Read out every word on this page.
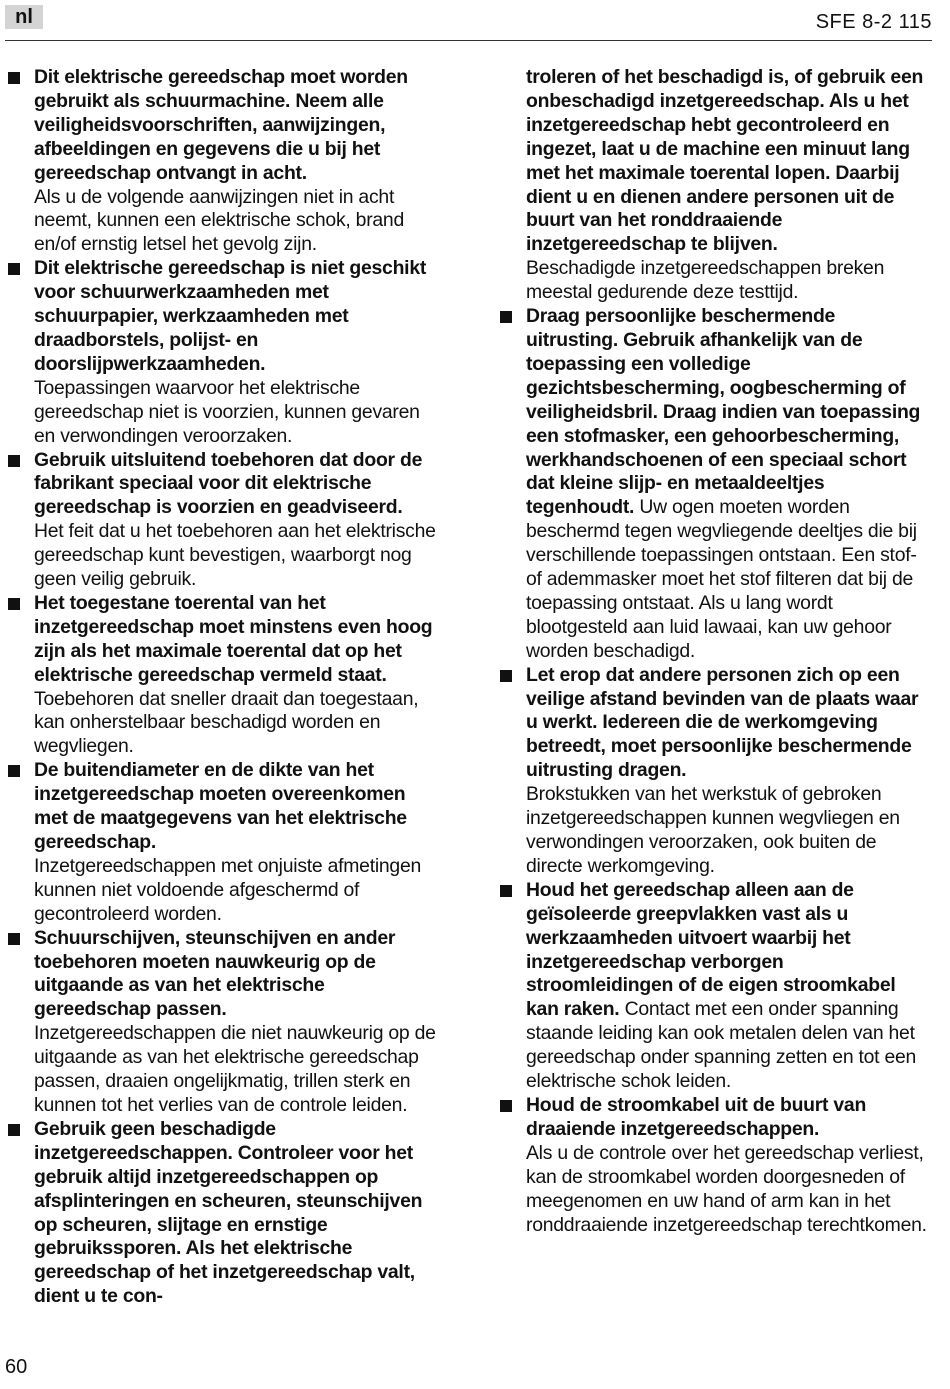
nl	SFE 8-2 115

Dit elektrische gereedschap moet worden gebruikt als schuurmachine. Neem alle veiligheidsvoorschriften, aanwijzingen, afbeeldingen en gegevens die u bij het gereedschap ontvangt in acht.
Als u de volgende aanwijzingen niet in acht neemt, kunnen een elektrische schok, brand en/of ernstig letsel het gevolg zijn.

Dit elektrische gereedschap is niet geschikt voor schuurwerkzaamheden met schuurpapier, werkzaamheden met draadborstels, polijst- en doorslijpwerkzaamheden.
Toepassingen waarvoor het elektrische gereedschap niet is voorzien, kunnen gevaren en verwondingen veroorzaken.

Gebruik uitsluitend toebehoren dat door de fabrikant speciaal voor dit elektrische gereedschap is voorzien en geadviseerd.
Het feit dat u het toebehoren aan het elektrische gereedschap kunt bevestigen, waarborgt nog geen veilig gebruik.

Het toegestane toerental van het inzetgereedschap moet minstens even hoog zijn als het maximale toerental dat op het elektrische gereedschap vermeld staat.
Toebehoren dat sneller draait dan toegestaan, kan onherstelbaar beschadigd worden en wegvliegen.

De buitendiameter en de dikte van het inzetgereedschap moeten overeenkomen met de maatgegevens van het elektrische gereedschap.
Inzetgereedschappen met onjuiste afmetingen kunnen niet voldoende afgeschermd of gecontroleerd worden.

Schuurschijven, steunschijven en ander toebehoren moeten nauwkeurig op de uitgaande as van het elektrische gereedschap passen.
Inzetgereedschappen die niet nauwkeurig op de uitgaande as van het elektrische gereedschap passen, draaien ongelijkmatig, trillen sterk en kunnen tot het verlies van de controle leiden.

Gebruik geen beschadigde inzetgereedschappen. Controleer voor het gebruik altijd inzetgereedschappen op afsplinteringen en scheuren, steunschijven op scheuren, slijtage en ernstige gebruikssporen. Als het elektrische gereedschap of het inzetgereedschap valt, dient u te con-

troleren of het beschadigd is, of gebruik een onbeschadigd inzetgereedschap. Als u het inzetgereedschap hebt gecontroleerd en ingezet, laat u de machine een minuut lang met het maximale toerental lopen. Daarbij dient u en dienen andere personen uit de buurt van het ronddraaiende inzetgereedschap te blijven.
Beschadigde inzetgereedschappen breken meestal gedurende deze testtijd.

Draag persoonlijke beschermende uitrusting. Gebruik afhankelijk van de toepassing een volledige gezichtsbescherming, oogbescherming of veiligheidsbril. Draag indien van toepassing een stofmasker, een gehoorbescherming, werkhandschoenen of een speciaal schort dat kleine slijp- en metaaldeeltjes tegenhoudt. Uw ogen moeten worden beschermd tegen wegvliegende deeltjes die bij verschillende toepassingen ontstaan. Een stof- of ademmasker moet het stof filteren dat bij de toepassing ontstaat. Als u lang wordt blootgesteld aan luid lawaai, kan uw gehoor worden beschadigd.

Let erop dat andere personen zich op een veilige afstand bevinden van de plaats waar u werkt. Iedereen die de werkomgeving betreedt, moet persoonlijke beschermende uitrusting dragen.
Brokstukken van het werkstuk of gebroken inzetgereedschappen kunnen wegvliegen en verwondingen veroorzaken, ook buiten de directe werkomgeving.

Houd het gereedschap alleen aan de geïsoleerde greepvlakken vast als u werkzaamheden uitvoert waarbij het inzetgereedschap verborgen stroomleidingen of de eigen stroomkabel kan raken. Contact met een onder spanning staande leiding kan ook metalen delen van het gereedschap onder spanning zetten en tot een elektrische schok leiden.

Houd de stroomkabel uit de buurt van draaiende inzetgereedschappen.
Als u de controle over het gereedschap verliest, kan de stroomkabel worden doorgesneden of meegenomen en uw hand of arm kan in het ronddraaiende inzetgereedschap terechtkomen.

60
